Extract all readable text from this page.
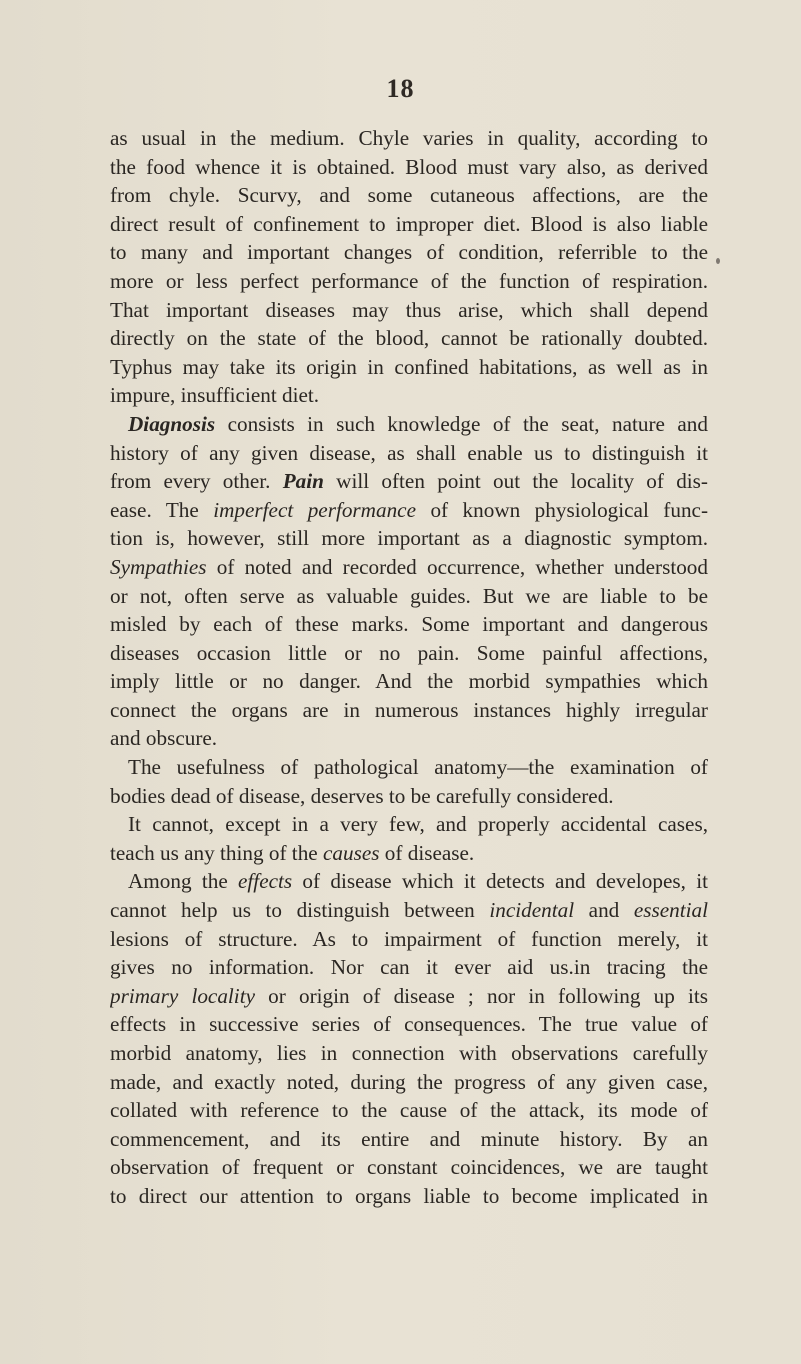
18
as usual in the medium. Chyle varies in quality, according to
the food whence it is obtained. Blood must vary also, as derived
from chyle. Scurvy, and some cutaneous affections, are the
direct result of confinement to improper diet. Blood is also liable
to many and important changes of condition, referrible to the
more or less perfect performance of the function of respiration.
That important diseases may thus arise, which shall depend
directly on the state of the blood, cannot be rationally doubted.
Typhus may take its origin in confined habitations, as well as in
impure, insufficient diet.
Diagnosis consists in such knowledge of the seat, nature and
history of any given disease, as shall enable us to distinguish it
from every other. Pain will often point out the locality of dis-
ease. The imperfect performance of known physiological func-
tion is, however, still more important as a diagnostic symptom.
Sympathies of noted and recorded occurrence, whether understood
or not, often serve as valuable guides. But we are liable to be
misled by each of these marks. Some important and dangerous
diseases occasion little or no pain. Some painful affections,
imply little or no danger. And the morbid sympathies which
connect the organs are in numerous instances highly irregular
and obscure.
The usefulness of pathological anatomy—the examination of
bodies dead of disease, deserves to be carefully considered.
It cannot, except in a very few, and properly accidental cases,
teach us any thing of the causes of disease.
Among the effects of disease which it detects and developes, it
cannot help us to distinguish between incidental and essential
lesions of structure. As to impairment of function merely, it
gives no information. Nor can it ever aid us.in tracing the
primary locality or origin of disease ; nor in following up its
effects in successive series of consequences. The true value of
morbid anatomy, lies in connection with observations carefully
made, and exactly noted, during the progress of any given case,
collated with reference to the cause of the attack, its mode of
commencement, and its entire and minute history. By an
observation of frequent or constant coincidences, we are taught
to direct our attention to organs liable to become implicated in
